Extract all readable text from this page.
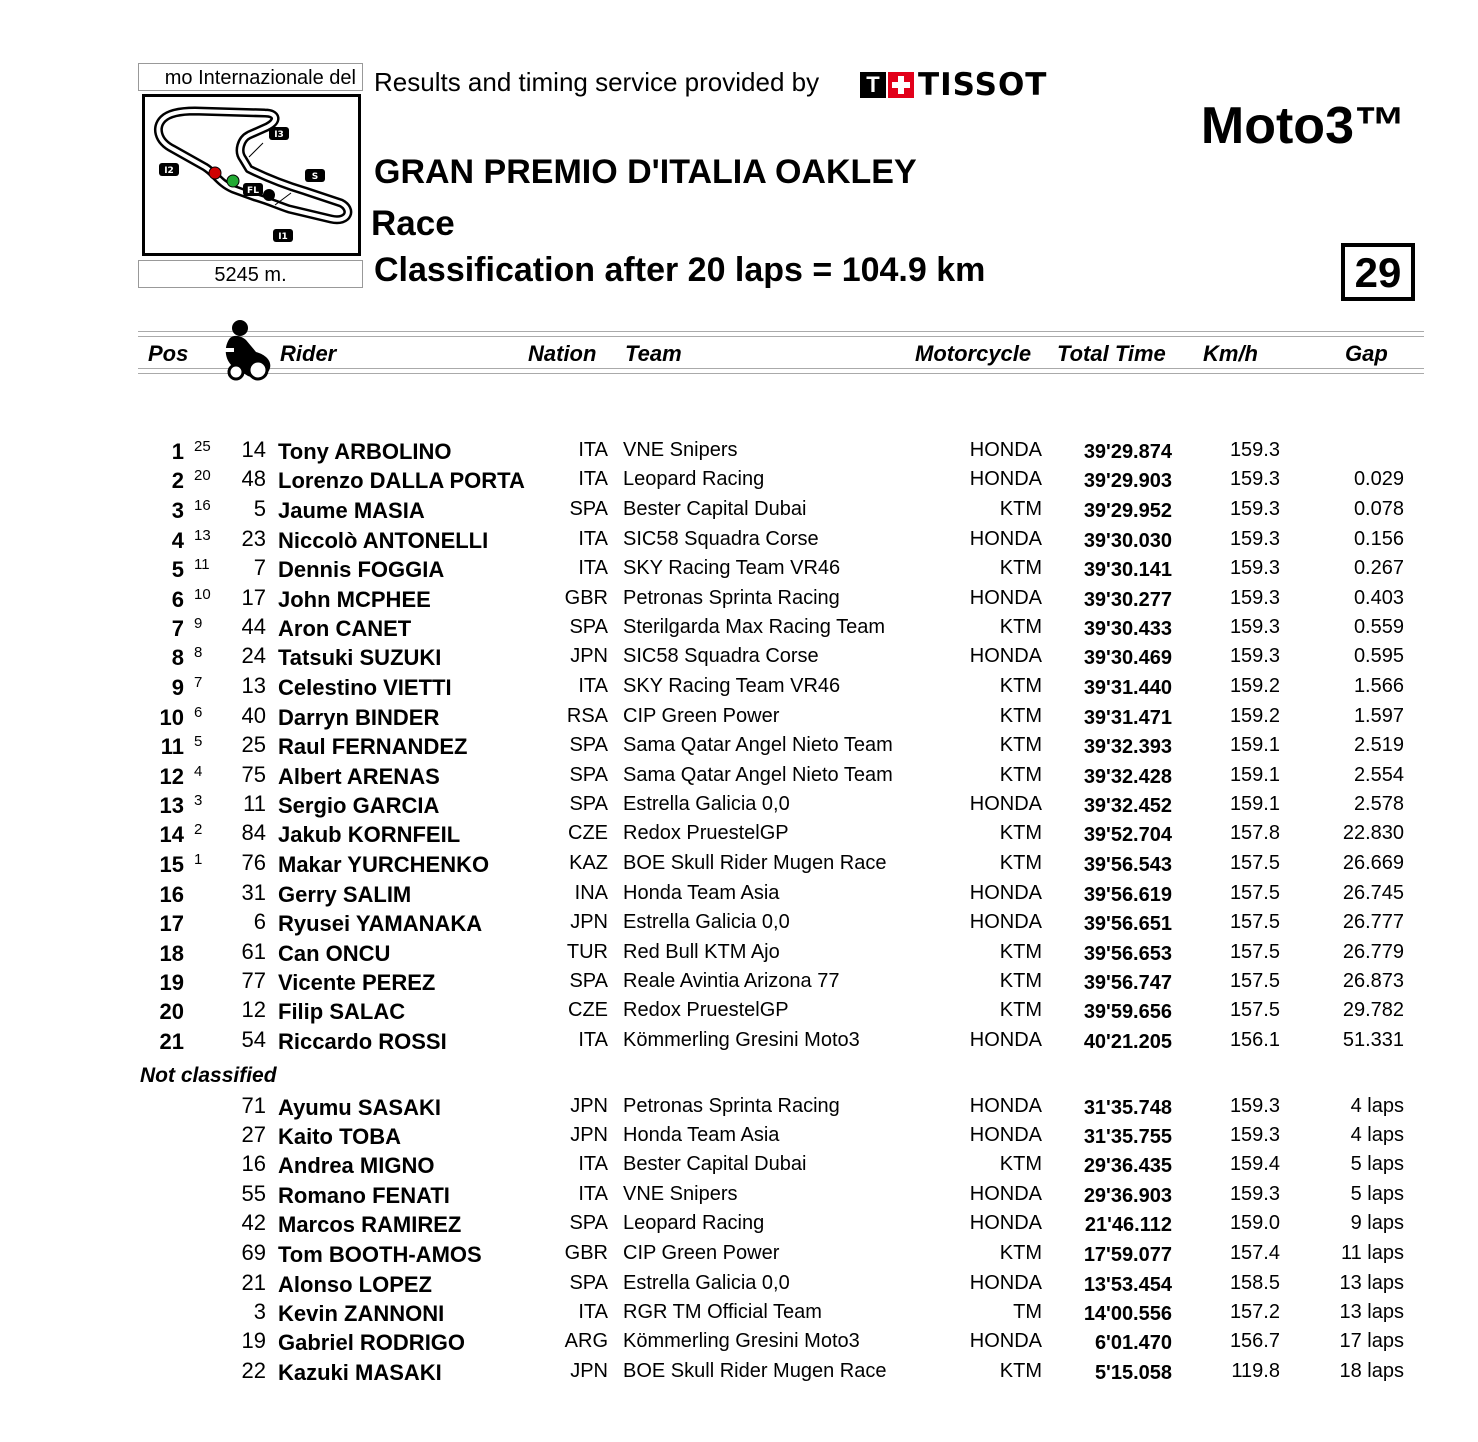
mo Internazionale del
I3
I2
S
FL
I1
5245 m.
Results and timing service provided by T TISSOT
Moto3™
GRAN PREMIO D'ITALIA OAKLEY
Race
Classification after 20 laps = 104.9 km	29
Pos	Rider	Nation Team	Motorcycle Total Time Km/h	Gap
1 25 14 Tony ARBOLINO	ITA VNE Snipers	HONDA 39'29.874	159.3
2 20 48 Lorenzo DALLA PORTA	ITA Leopard Racing	HONDA 39'29.903	159.3	0.029
3 16 5 Jaume MASIA	SPA Bester Capital Dubai	KTM 39'29.952	159.3	0.078
4 13 23 Niccolò ANTONELLI	ITA SIC58 Squadra Corse	HONDA 39'30.030	159.3	0.156
5 11 7 Dennis FOGGIA	ITA SKY Racing Team VR46	KTM 39'30.141	159.3	0.267
6 10 17 John MCPHEE	GBR Petronas Sprinta Racing	HONDA 39'30.277	159.3	0.403
7 9 44 Aron CANET	SPA Sterilgarda Max Racing Team	KTM 39'30.433	159.3	0.559
8 8 24 Tatsuki SUZUKI	JPN SIC58 Squadra Corse	HONDA 39'30.469	159.3	0.595
9 7 13 Celestino VIETTI	ITA SKY Racing Team VR46	KTM 39'31.440	159.2	1.566
10 6 40 Darryn BINDER	RSA CIP Green Power	KTM 39'31.471	159.2	1.597
11 5 25 Raul FERNANDEZ	SPA Sama Qatar Angel Nieto Team	KTM 39'32.393	159.1	2.519
12 4 75 Albert ARENAS	SPA Sama Qatar Angel Nieto Team	KTM 39'32.428	159.1	2.554
13 3 11 Sergio GARCIA	SPA Estrella Galicia 0,0	HONDA 39'32.452	159.1	2.578
14 2 84 Jakub KORNFEIL	CZE Redox PruestelGP	KTM 39'52.704	157.8	22.830
15 1 76 Makar YURCHENKO	KAZ BOE Skull Rider Mugen Race	KTM 39'56.543	157.5	26.669
16	31 Gerry SALIM	INA Honda Team Asia	HONDA 39'56.619	157.5	26.745
17	6 Ryusei YAMANAKA	JPN Estrella Galicia 0,0	HONDA 39'56.651	157.5	26.777
18	61 Can ONCU	TUR Red Bull KTM Ajo	KTM 39'56.653	157.5	26.779
19	77 Vicente PEREZ	SPA Reale Avintia Arizona 77	KTM 39'56.747	157.5	26.873
20	12 Filip SALAC	CZE Redox PruestelGP	KTM 39'59.656	157.5	29.782
21	54 Riccardo ROSSI	ITA Kömmerling Gresini Moto3	HONDA 40'21.205	156.1	51.331
Not classified
71 Ayumu SASAKI	JPN Petronas Sprinta Racing	HONDA 31'35.748	159.3	4 laps
27 Kaito TOBA	JPN Honda Team Asia	HONDA 31'35.755	159.3	4 laps
16 Andrea MIGNO	ITA Bester Capital Dubai	KTM 29'36.435	159.4	5 laps
55 Romano FENATI	ITA VNE Snipers	HONDA 29'36.903	159.3	5 laps
42 Marcos RAMIREZ	SPA Leopard Racing	HONDA 21'46.112	159.0	9 laps
69 Tom BOOTH-AMOS	GBR CIP Green Power	KTM 17'59.077	157.4	11 laps
21 Alonso LOPEZ	SPA Estrella Galicia 0,0	HONDA 13'53.454	158.5	13 laps
3 Kevin ZANNONI	ITA RGR TM Official Team	TM 14'00.556	157.2	13 laps
19 Gabriel RODRIGO	ARG Kömmerling Gresini Moto3	HONDA	6'01.470	156.7	17 laps
22 Kazuki MASAKI	JPN BOE Skull Rider Mugen Race	KTM	5'15.058	119.8	18 laps
